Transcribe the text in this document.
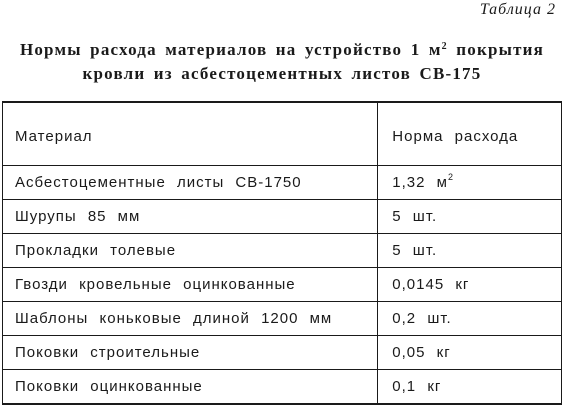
Таблица 2
Нормы расхода материалов на устройство 1 $м^2$ покрытия
кровли из асбестоцементных листов СВ-175
Материал	Норма расхода
Асбестоцементные листы СВ-1750	1,32 $м^2$
Шурупы 85 мм	5 шт.
Прокладки толевые	5 шт.
Гвозди кровельные оцинкованные	0,0145 кг
Шаблоны коньковые длиной 1200 мм	0,2 шт.
Поковки строительные	0,05 кг
Поковки оцинкованные	0,1 кг
